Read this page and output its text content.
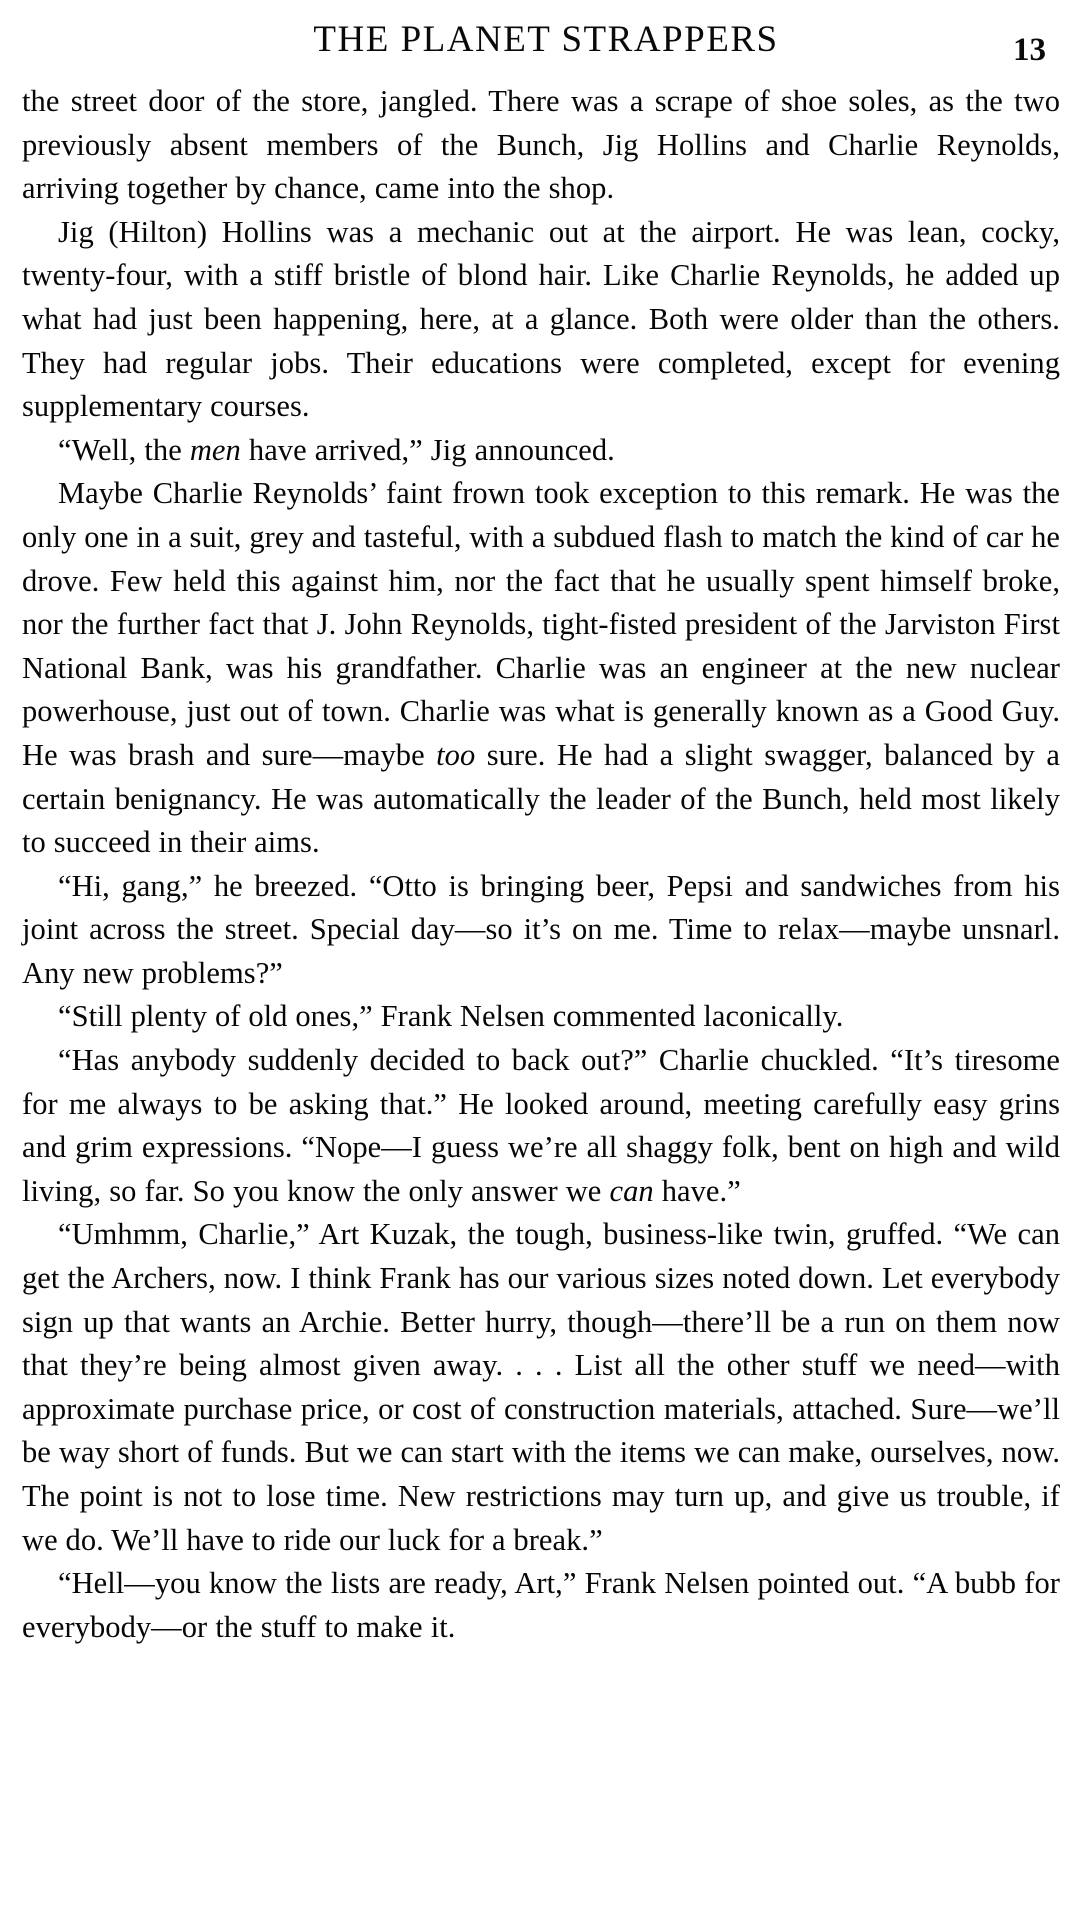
THE PLANET STRAPPERS	13

the street door of the store, jangled. There was a scrape of shoe soles, as the two previously absent members of the Bunch, Jig Hollins and Charlie Reynolds, arriving together by chance, came into the shop.

Jig (Hilton) Hollins was a mechanic out at the airport. He was lean, cocky, twenty-four, with a stiff bristle of blond hair. Like Charlie Reynolds, he added up what had just been happening, here, at a glance. Both were older than the others. They had regular jobs. Their educations were completed, except for evening supplementary courses.

“Well, the men have arrived,” Jig announced.

Maybe Charlie Reynolds’ faint frown took exception to this remark. He was the only one in a suit, grey and tasteful, with a subdued flash to match the kind of car he drove. Few held this against him, nor the fact that he usually spent himself broke, nor the further fact that J. John Reynolds, tight-fisted president of the Jarviston First National Bank, was his grandfather. Charlie was an engineer at the new nuclear powerhouse, just out of town. Charlie was what is generally known as a Good Guy. He was brash and sure—maybe too sure. He had a slight swagger, balanced by a certain benignancy. He was automatically the leader of the Bunch, held most likely to succeed in their aims.

“Hi, gang,” he breezed. “Otto is bringing beer, Pepsi and sandwiches from his joint across the street. Special day—so it’s on me. Time to relax—maybe unsnarl. Any new problems?”

“Still plenty of old ones,” Frank Nelsen commented laconically.

“Has anybody suddenly decided to back out?” Charlie chuckled. “It’s tiresome for me always to be asking that.” He looked around, meeting carefully easy grins and grim expressions. “Nope—I guess we’re all shaggy folk, bent on high and wild living, so far. So you know the only answer we can have.”

“Umhmm, Charlie,” Art Kuzak, the tough, business-like twin, gruffed. “We can get the Archers, now. I think Frank has our various sizes noted down. Let everybody sign up that wants an Archie. Better hurry, though—there’ll be a run on them now that they’re being almost given away. . . . List all the other stuff we need—with approximate purchase price, or cost of construction materials, attached. Sure—we’ll be way short of funds. But we can start with the items we can make, ourselves, now. The point is not to lose time. New restrictions may turn up, and give us trouble, if we do. We’ll have to ride our luck for a break.”

“Hell—you know the lists are ready, Art,” Frank Nelsen pointed out. “A bubb for everybody—or the stuff to make it.
